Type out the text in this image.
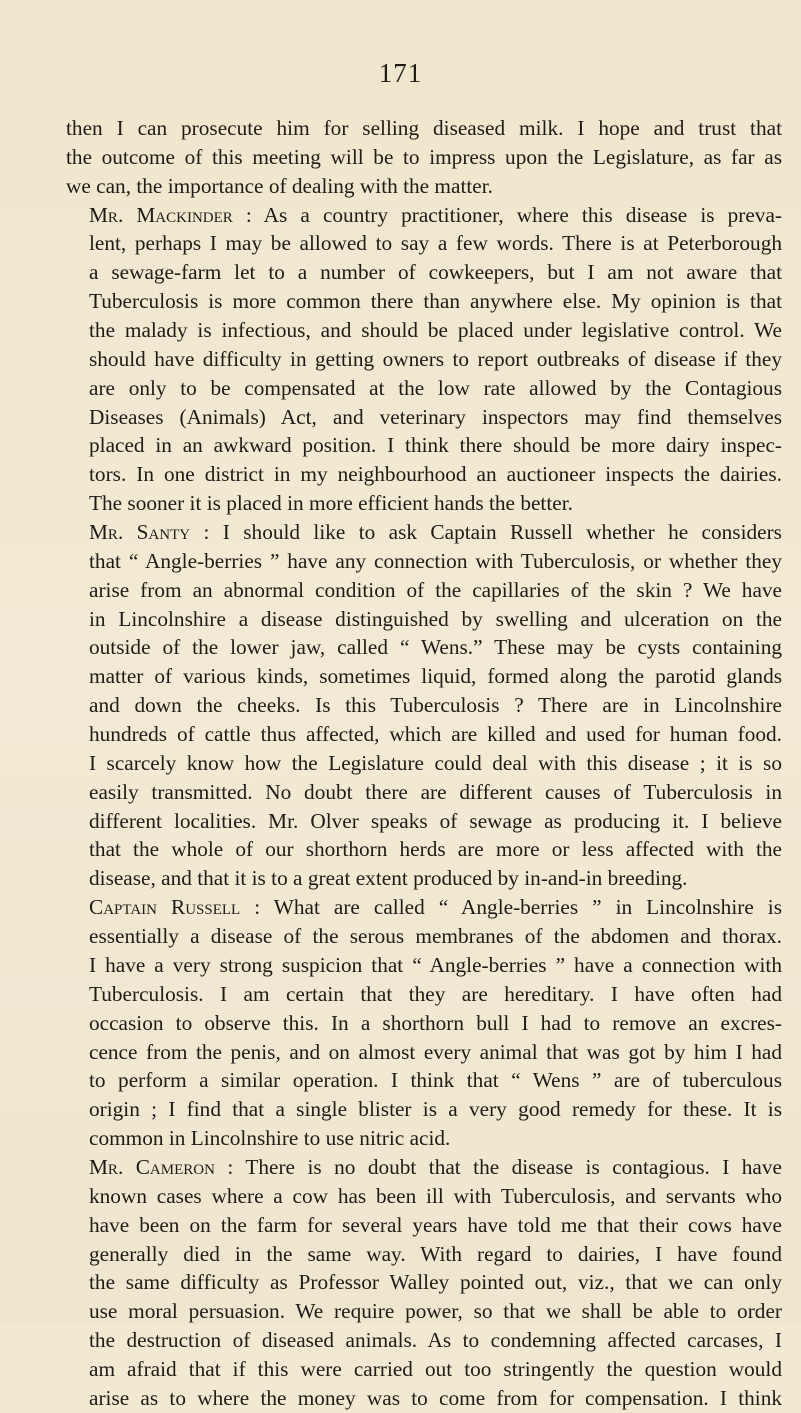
171
then I can prosecute him for selling diseased milk. I hope and trust that
the outcome of this meeting will be to impress upon the Legislature, as far as
we can, the importance of dealing with the matter.
Mr. Mackinder : As a country practitioner, where this disease is preva-
lent, perhaps I may be allowed to say a few words. There is at Peterborough
a sewage-farm let to a number of cowkeepers, but I am not aware that
Tuberculosis is more common there than anywhere else. My opinion is that
the malady is infectious, and should be placed under legislative control. We
should have difficulty in getting owners to report outbreaks of disease if they
are only to be compensated at the low rate allowed by the Contagious
Diseases (Animals) Act, and veterinary inspectors may find themselves
placed in an awkward position. I think there should be more dairy inspec-
tors. In one district in my neighbourhood an auctioneer inspects the dairies.
The sooner it is placed in more efficient hands the better.
Mr. Santy : I should like to ask Captain Russell whether he considers
that “ Angle-berries ” have any connection with Tuberculosis, or whether they
arise from an abnormal condition of the capillaries of the skin ? We have
in Lincolnshire a disease distinguished by swelling and ulceration on the
outside of the lower jaw, called “ Wens.” These may be cysts containing
matter of various kinds, sometimes liquid, formed along the parotid glands
and down the cheeks. Is this Tuberculosis ? There are in Lincolnshire
hundreds of cattle thus affected, which are killed and used for human food.
I scarcely know how the Legislature could deal with this disease ; it is so
easily transmitted. No doubt there are different causes of Tuberculosis in
different localities. Mr. Olver speaks of sewage as producing it. I believe
that the whole of our shorthorn herds are more or less affected with the
disease, and that it is to a great extent produced by in-and-in breeding.
Captain Russell : What are called “ Angle-berries ” in Lincolnshire is
essentially a disease of the serous membranes of the abdomen and thorax.
I have a very strong suspicion that “ Angle-berries ” have a connection with
Tuberculosis. I am certain that they are hereditary. I have often had
occasion to observe this. In a shorthorn bull I had to remove an excres-
cence from the penis, and on almost every animal that was got by him I had
to perform a similar operation. I think that “ Wens ” are of tuberculous
origin ; I find that a single blister is a very good remedy for these. It is
common in Lincolnshire to use nitric acid.
Mr. Cameron : There is no doubt that the disease is contagious. I have
known cases where a cow has been ill with Tuberculosis, and servants who
have been on the farm for several years have told me that their cows have
generally died in the same way. With regard to dairies, I have found
the same difficulty as Professor Walley pointed out, viz., that we can only
use moral persuasion. We require power, so that we shall be able to order
the destruction of diseased animals. As to condemning affected carcases, I
am afraid that if this were carried out too stringently the question would
arise as to where the money was to come from for compensation. I think
